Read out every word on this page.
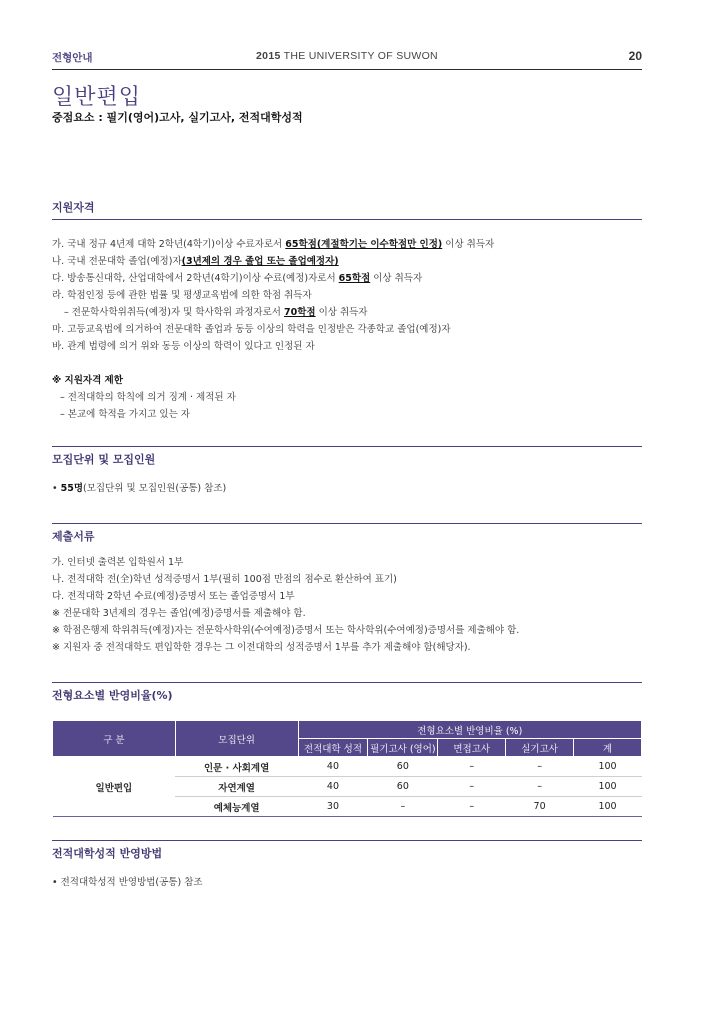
전형안내	2015 THE UNIVERSITY OF SUWON	20
일반편입
중점요소 : 필기(영어)고사, 실기고사, 전적대학성적
지원자격
가. 국내 정규 4년제 대학 2학년(4학기)이상 수료자로서 65학점(계절학기는 이수학점만 인정) 이상 취득자
나. 국내 전문대학 졸업(예정)자(3년제의 경우 졸업 또는 졸업예정자)
다. 방송통신대학, 산업대학에서 2학년(4학기)이상 수료(예정)자로서 65학점 이상 취득자
라. 학점인정 등에 관한 법률 및 평생교육법에 의한 학점 취득자
– 전문학사학위취득(예정)자 및 학사학위 과정자로서 70학점 이상 취득자
마. 고등교육법에 의거하여 전문대학 졸업과 동등 이상의 학력을 인정받은 각종학교 졸업(예정)자
바. 관계 법령에 의거 위와 동등 이상의 학력이 있다고 인정된 자
※ 지원자격 제한
– 전적대학의 학칙에 의거 징계 · 제적된 자
– 본교에 학적을 가지고 있는 자
모집단위 및 모집인원
• 55명(모집단위 및 모집인원(공통) 참조)
제출서류
가. 인터넷 출력본 입학원서 1부
나. 전적대학 전(全)학년 성적증명서 1부(필히 100점 만점의 점수로 환산하여 표기)
다. 전적대학 2학년 수료(예정)증명서 또는 졸업증명서 1부
※ 전문대학 3년제의 경우는 졸업(예정)증명서를 제출해야 함.
※ 학점은행제 학위취득(예정)자는 전문학사학위(수여예정)증명서 또는 학사학위(수여예정)증명서를 제출해야 함.
※ 지원자 중 전적대학도 편입학한 경우는 그 이전대학의 성적증명서 1부를 추가 제출해야 함(해당자).
전형요소별 반영비율(%)
구 분	모집단위	전형요소별 반영비율 (%)				
		전적대학 성적	필기고사 (영어)	면접고사	실기고사	계
일반편입	인문 · 사회계열	40	60	–	–	100
	자연계열	40	60	–	–	100
	예체능계열	30	–	–	70	100
전적대학성적 반영방법
• 전적대학성적 반영방법(공통) 참조
